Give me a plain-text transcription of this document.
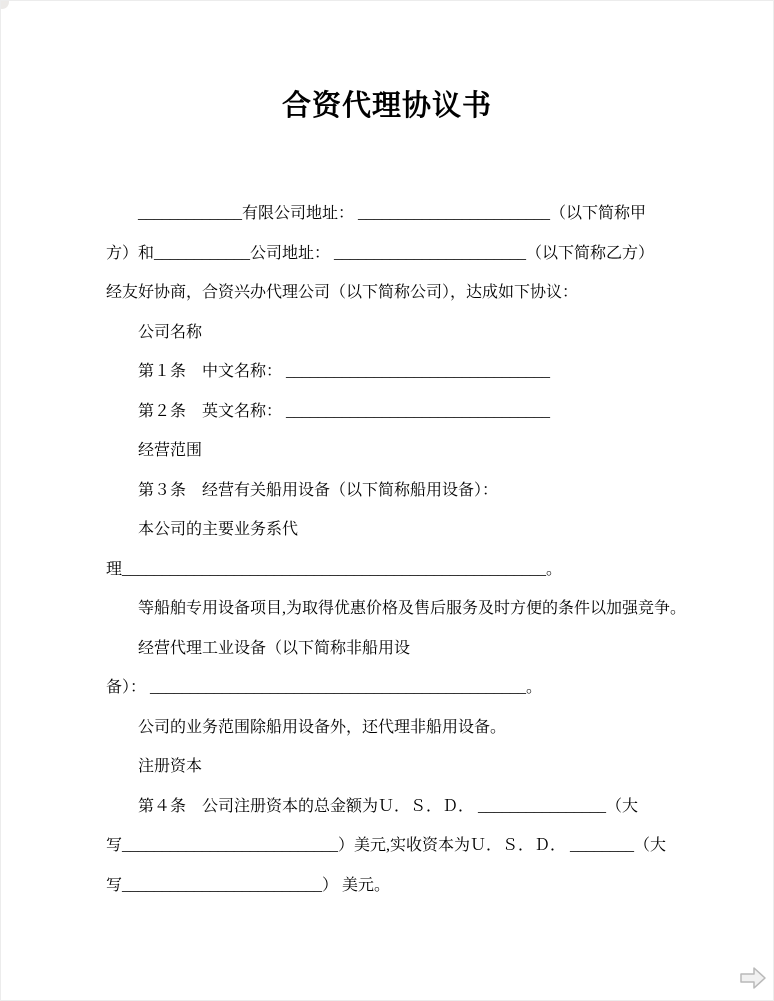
合资代理协议书

_____________有限公司地址： ________________________（以下简称甲

方）和____________公司地址： ________________________（以下简称乙方）

经友好协商，合资兴办代理公司（以下简称公司），达成如下协议：

公司名称

第１条　中文名称： _________________________________

第２条　英文名称： _________________________________

经营范围

第３条　经营有关船用设备（以下简称船用设备）：

本公司的主要业务系代

理_____________________________________________________。

等船舶专用设备项目,为取得优惠价格及售后服务及时方便的条件以加强竞争。

经营代理工业设备（以下简称非船用设

备）： _______________________________________________。

公司的业务范围除船用设备外，还代理非船用设备。

注册资本

第４条　公司注册资本的总金额为Ｕ．Ｓ．Ｄ． ________________（大

写___________________________）美元,实收资本为Ｕ．Ｓ．Ｄ． ________（大

写_________________________） 美元。
